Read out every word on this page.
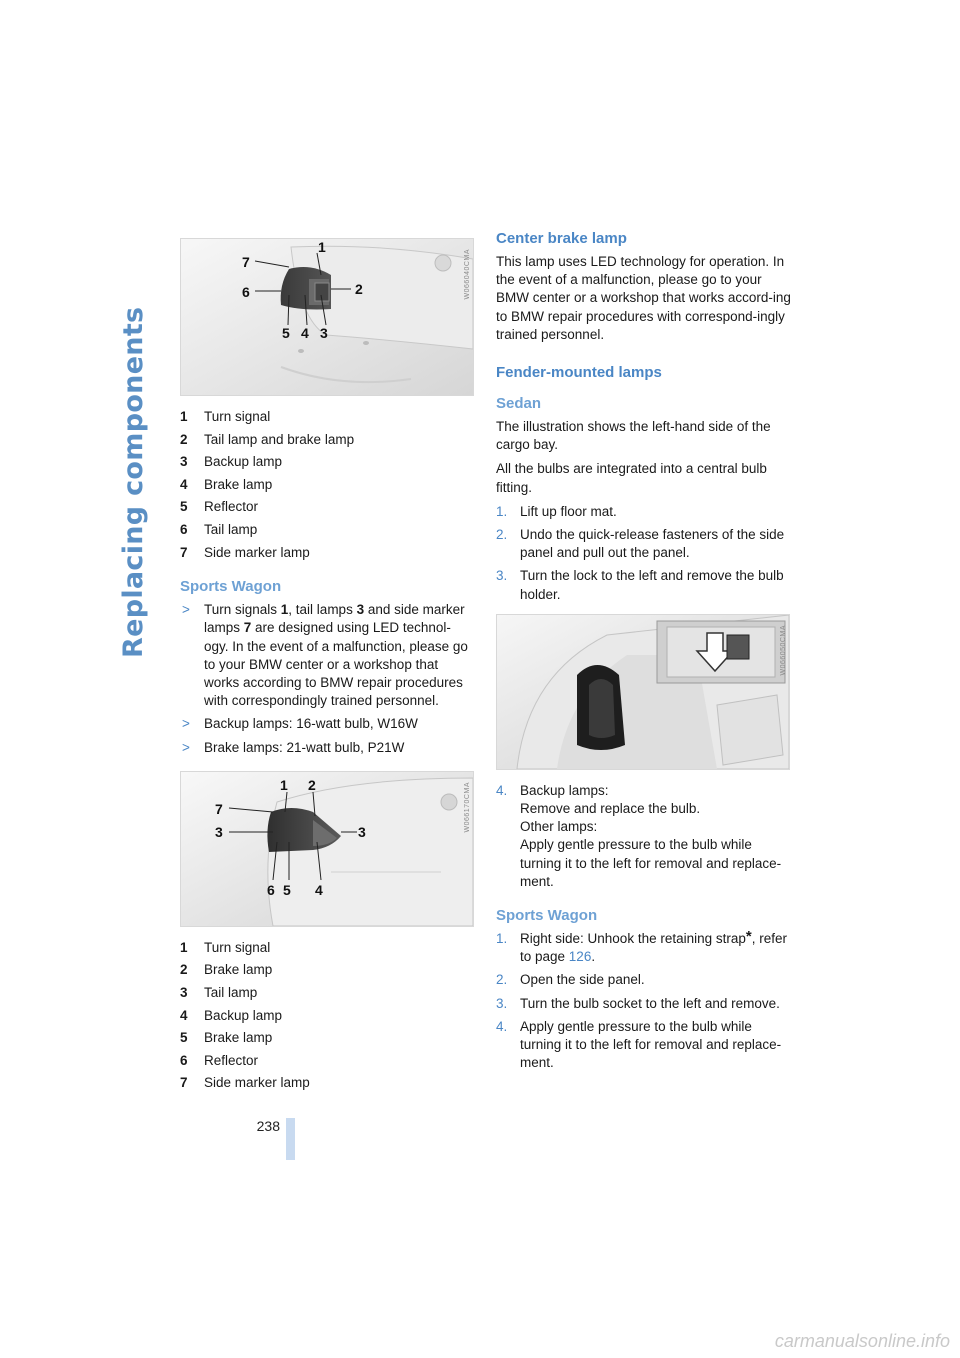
Replacing components
238
7
6
1
2
5 4 3
W066040CMA
1 Turn signal
2 Tail lamp and brake lamp
3 Backup lamp
4 Brake lamp
5 Reflector
6 Tail lamp
7 Side marker lamp
Sports Wagon
> Turn signals 1, tail lamps 3 and side marker lamps 7 are designed using LED technol-ogy. In the event of a malfunction, please go to your BMW center or a workshop that works according to BMW repair procedures with correspondingly trained personnel.
> Backup lamps: 16-watt bulb, W16W
> Brake lamps: 21-watt bulb, P21W
1 2
7
3	3
6 5 4
W066170CMA
1 Turn signal
2 Brake lamp
3 Tail lamp
4 Backup lamp
5 Brake lamp
6 Reflector
7 Side marker lamp
Center brake lamp

This lamp uses LED technology for operation. In the event of a malfunction, please go to your BMW center or a workshop that works accord-ing to BMW repair procedures with correspond-ingly trained personnel.

Fender-mounted lamps
Sedan

The illustration shows the left-hand side of the cargo bay.

All the bulbs are integrated into a central bulb fitting.

1. Lift up floor mat.
2. Undo the quick-release fasteners of the side panel and pull out the panel.
3. Turn the lock to the left and remove the bulb holder.
W066050CMA
4. Backup lamps:
Remove and replace the bulb.
Other lamps:
Apply gentle pressure to the bulb while turning it to the left for removal and replace-ment.
Sports Wagon
1. Right side: Unhook the retaining strap*, refer to page 126.
2. Open the side panel.
3. Turn the bulb socket to the left and remove.
4. Apply gentle pressure to the bulb while turning it to the left for removal and replace-ment.
carmanualsonline.info
